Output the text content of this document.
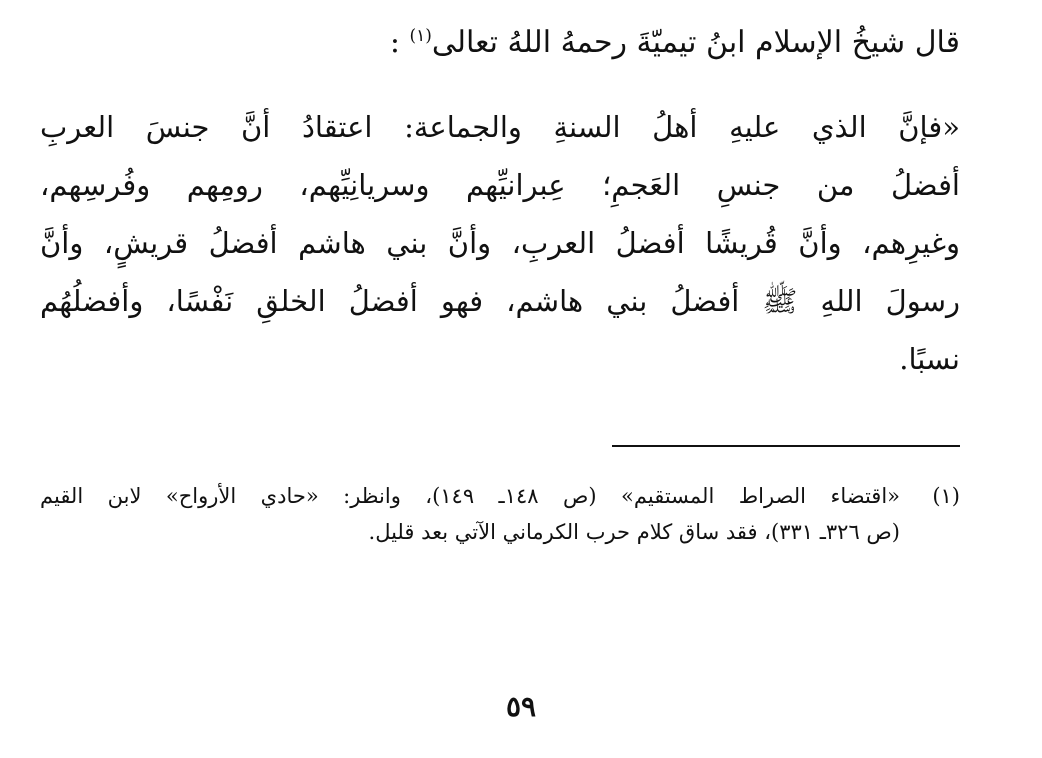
قال شيخُ الإسلام ابنُ تيميّةَ رحمهُ اللهُ تعالى$^{(١)}$ :
«فإنَّ الذي عليهِ أهلُ السنةِ والجماعة: اعتقادُ أنَّ جنسَ العربِ
أفضلُ من جنسِ العَجمِ؛ عِبرانيِّهم وسريانِيِّهم، رومِهم وفُرسِهم،
وغيرِهم، وأنَّ قُريشًا أفضلُ العربِ، وأنَّ بني هاشم أفضلُ قريشٍ، وأنَّ
رسولَ اللهِ ﷺ أفضلُ بني هاشم، فهو أفضلُ الخلقِ نَفْسًا، وأفضلُهُم
نسبًا.
(١)
«اقتضاء الصراط المستقيم» (ص ١٤٨ـ ١٤٩)، وانظر: «حادي الأرواح» لابن القيم
(ص ٣٢٦ـ ٣٣١)، فقد ساق كلام حرب الكرماني الآتي بعد قليل.
٥٩
